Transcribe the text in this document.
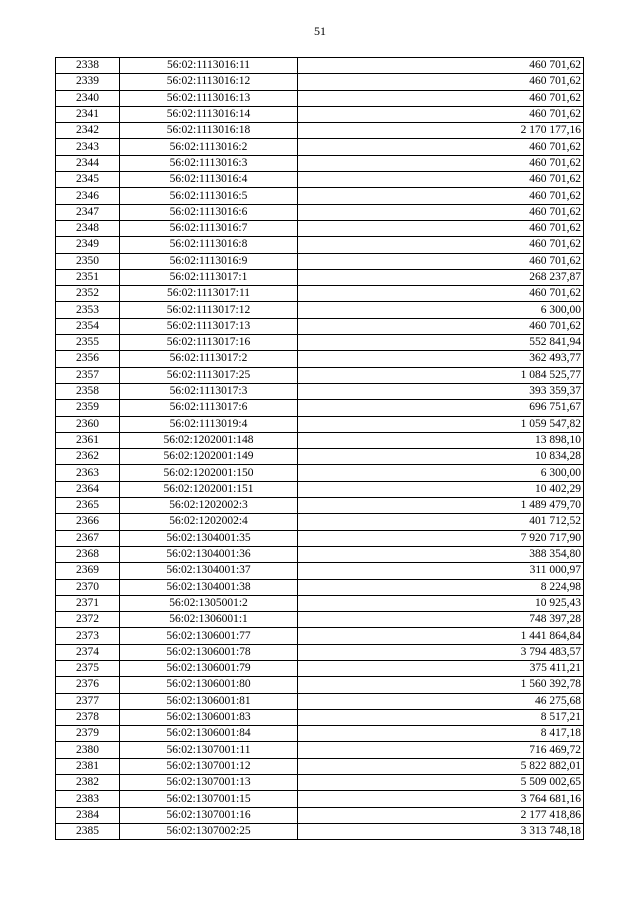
51
2338	56:02:1113016:11	460 701,62
2339	56:02:1113016:12	460 701,62
2340	56:02:1113016:13	460 701,62
2341	56:02:1113016:14	460 701,62
2342	56:02:1113016:18	2 170 177,16
2343	56:02:1113016:2	460 701,62
2344	56:02:1113016:3	460 701,62
2345	56:02:1113016:4	460 701,62
2346	56:02:1113016:5	460 701,62
2347	56:02:1113016:6	460 701,62
2348	56:02:1113016:7	460 701,62
2349	56:02:1113016:8	460 701,62
2350	56:02:1113016:9	460 701,62
2351	56:02:1113017:1	268 237,87
2352	56:02:1113017:11	460 701,62
2353	56:02:1113017:12	6 300,00
2354	56:02:1113017:13	460 701,62
2355	56:02:1113017:16	552 841,94
2356	56:02:1113017:2	362 493,77
2357	56:02:1113017:25	1 084 525,77
2358	56:02:1113017:3	393 359,37
2359	56:02:1113017:6	696 751,67
2360	56:02:1113019:4	1 059 547,82
2361	56:02:1202001:148	13 898,10
2362	56:02:1202001:149	10 834,28
2363	56:02:1202001:150	6 300,00
2364	56:02:1202001:151	10 402,29
2365	56:02:1202002:3	1 489 479,70
2366	56:02:1202002:4	401 712,52
2367	56:02:1304001:35	7 920 717,90
2368	56:02:1304001:36	388 354,80
2369	56:02:1304001:37	311 000,97
2370	56:02:1304001:38	8 224,98
2371	56:02:1305001:2	10 925,43
2372	56:02:1306001:1	748 397,28
2373	56:02:1306001:77	1 441 864,84
2374	56:02:1306001:78	3 794 483,57
2375	56:02:1306001:79	375 411,21
2376	56:02:1306001:80	1 560 392,78
2377	56:02:1306001:81	46 275,68
2378	56:02:1306001:83	8 517,21
2379	56:02:1306001:84	8 417,18
2380	56:02:1307001:11	716 469,72
2381	56:02:1307001:12	5 822 882,01
2382	56:02:1307001:13	5 509 002,65
2383	56:02:1307001:15	3 764 681,16
2384	56:02:1307001:16	2 177 418,86
2385	56:02:1307002:25	3 313 748,18
